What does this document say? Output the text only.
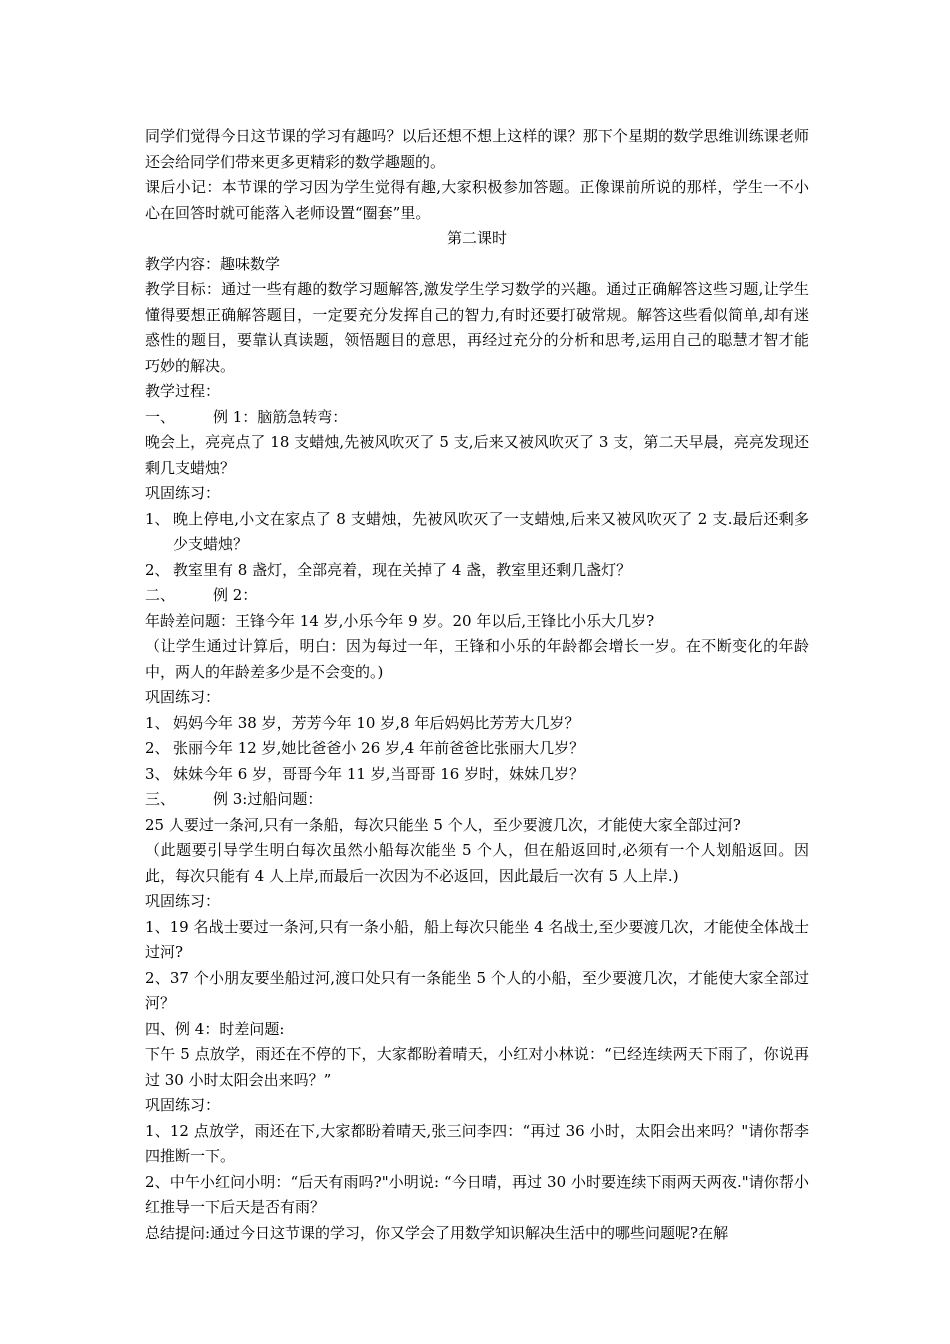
同学们觉得今日这节课的学习有趣吗？以后还想不想上这样的课？那下个星期的数学思维训练课老师还会给同学们带来更多更精彩的数学趣题的。
课后小记：本节课的学习因为学生觉得有趣,大家积极参加答题。正像课前所说的那样，学生一不小心在回答时就可能落入老师设置“圈套”里。
第二课时
教学内容：趣味数学
教学目标：通过一些有趣的数学习题解答,激发学生学习数学的兴趣。通过正确解答这些习题,让学生懂得要想正确解答题目，一定要充分发挥自己的智力,有时还要打破常规。解答这些看似简单,却有迷惑性的题目，要靠认真读题，领悟题目的意思，再经过充分的分析和思考,运用自己的聪慧才智才能巧妙的解决。
教学过程：
一、	例 1：脑筋急转弯：
晚会上，亮亮点了 18 支蜡烛,先被风吹灭了 5 支,后来又被风吹灭了 3 支，第二天早晨，亮亮发现还剩几支蜡烛？
巩固练习：
1、 晚上停电,小文在家点了 8 支蜡烛，先被风吹灭了一支蜡烛,后来又被风吹灭了 2 支.最后还剩多少支蜡烛？
2、 教室里有 8 盏灯，全部亮着，现在关掉了 4 盏，教室里还剩几盏灯？
二、	例 2：
年龄差问题：王锋今年 14 岁,小乐今年 9 岁。20 年以后,王锋比小乐大几岁?
（让学生通过计算后，明白：因为每过一年，王锋和小乐的年龄都会增长一岁。在不断变化的年龄中，两人的年龄差多少是不会变的。)
巩固练习：
1、 妈妈今年 38 岁，芳芳今年 10 岁,8 年后妈妈比芳芳大几岁？
2、 张丽今年 12 岁,她比爸爸小 26 岁,4 年前爸爸比张丽大几岁？
3、 妹妹今年 6 岁，哥哥今年 11 岁,当哥哥 16 岁时，妹妹几岁？
三、	例 3:过船问题：
25 人要过一条河,只有一条船，每次只能坐 5 个人，至少要渡几次，才能使大家全部过河?
（此题要引导学生明白每次虽然小船每次能坐 5 个人，但在船返回时,必须有一个人划船返回。因此，每次只能有 4 人上岸,而最后一次因为不必返回，因此最后一次有 5 人上岸.)
巩固练习：
1、19 名战士要过一条河,只有一条小船，船上每次只能坐 4 名战士,至少要渡几次，才能使全体战士过河?
2、37 个小朋友要坐船过河,渡口处只有一条能坐 5 个人的小船，至少要渡几次，才能使大家全部过河？
四、例 4：时差问题:
下午 5 点放学，雨还在不停的下，大家都盼着晴天，小红对小林说：“已经连续两天下雨了，你说再过 30 小时太阳会出来吗？”
巩固练习：
1、12 点放学，雨还在下,大家都盼着晴天,张三问李四：“再过 36 小时，太阳会出来吗？"请你帮李四推断一下。
2、中午小红问小明：“后天有雨吗?"小明说: “今日晴，再过 30 小时要连续下雨两天两夜."请你帮小红推导一下后天是否有雨？
总结提问:通过今日这节课的学习，你又学会了用数学知识解决生活中的哪些问题呢?在解
